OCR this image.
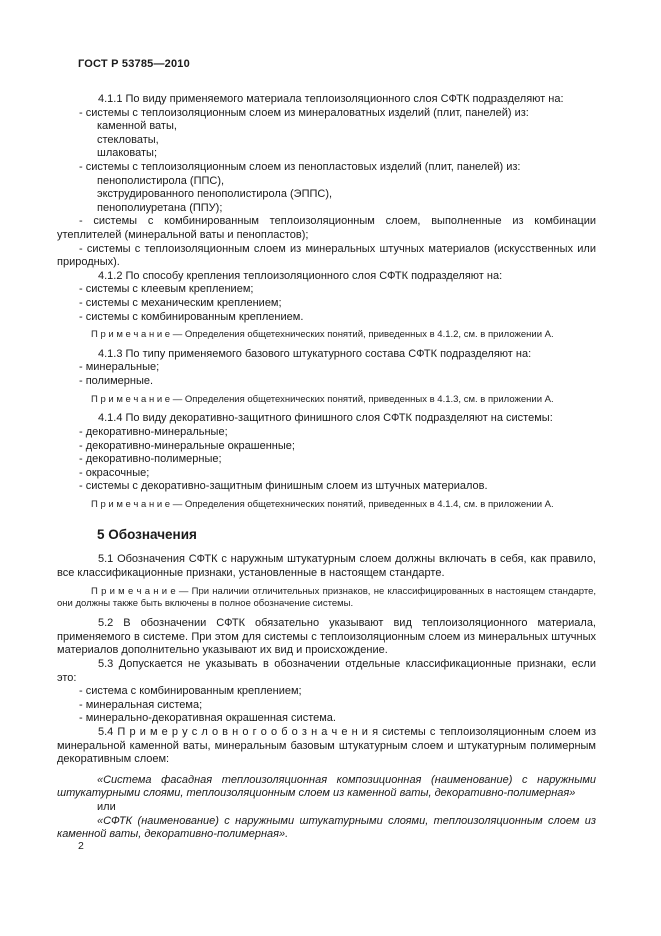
ГОСТ Р 53785—2010
4.1.1 По виду применяемого материала теплоизоляционного слоя СФТК подразделяют на:
- системы с теплоизоляционным слоем из минераловатных изделий (плит, панелей) из:
каменной ваты,
стекловаты,
шлаковаты;
- системы с теплоизоляционным слоем из пенопластовых изделий (плит, панелей) из:
пенополистирола (ППС),
экструдированного пенополистирола (ЭППС),
пенополиуретана (ППУ);
- системы с комбинированным теплоизоляционным слоем, выполненные из комбинации утеплителей (минеральной ваты и пенопластов);
- системы с теплоизоляционным слоем из минеральных штучных материалов (искусственных или природных).
4.1.2 По способу крепления теплоизоляционного слоя СФТК подразделяют на:
- системы с клеевым креплением;
- системы с механическим креплением;
- системы с комбинированным креплением.
П р и м е ч а н и е — Определения общетехнических понятий, приведенных в 4.1.2, см. в приложении А.
4.1.3 По типу применяемого базового штукатурного состава СФТК подразделяют на:
- минеральные;
- полимерные.
П р и м е ч а н и е — Определения общетехнических понятий, приведенных в 4.1.3, см. в приложении А.
4.1.4 По виду декоративно-защитного финишного слоя СФТК подразделяют на системы:
- декоративно-минеральные;
- декоративно-минеральные окрашенные;
- декоративно-полимерные;
- окрасочные;
- системы с декоративно-защитным финишным слоем из штучных материалов.
П р и м е ч а н и е — Определения общетехнических понятий, приведенных в 4.1.4, см. в приложении А.
5 Обозначения
5.1 Обозначения СФТК с наружным штукатурным слоем должны включать в себя, как правило, все классификационные признаки, установленные в настоящем стандарте.
П р и м е ч а н и е — При наличии отличительных признаков, не классифицированных в настоящем стандарте, они должны также быть включены в полное обозначение системы.
5.2 В обозначении СФТК обязательно указывают вид теплоизоляционного материала, применяемого в системе. При этом для системы с теплоизоляционным слоем из минеральных штучных материалов дополнительно указывают их вид и происхождение.
5.3 Допускается не указывать в обозначении отдельные классификационные признаки, если это:
- система с комбинированным креплением;
- минеральная система;
- минерально-декоративная окрашенная система.
5.4 П р и м е р у с л о в н о г о о б о з н а ч е н и я системы с теплоизоляционным слоем из минеральной каменной ваты, минеральным базовым штукатурным слоем и штукатурным полимерным декоративным слоем:
«Система фасадная теплоизоляционная композиционная (наименование) с наружными штукатурными слоями, теплоизоляционным слоем из каменной ваты, декоративно-полимерная»
или
«СФТК (наименование) с наружными штукатурными слоями, теплоизоляционным слоем из каменной ваты, декоративно-полимерная».
2
